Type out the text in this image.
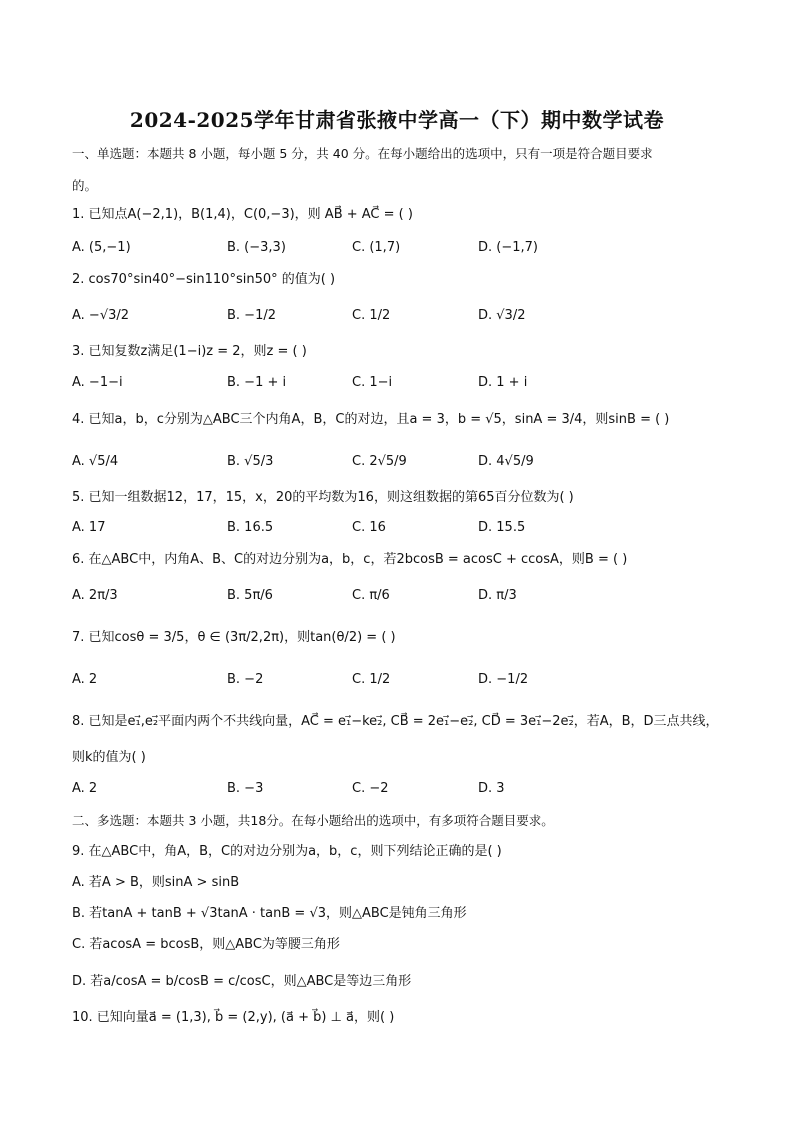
2024-2025学年甘肃省张掖中学高一（下）期中数学试卷
一、单选题：本题共 8 小题，每小题 5 分，共 40 分。在每小题给出的选项中，只有一项是符合题目要求
的。
1. 已知点A(−2,1)，B(1,4)，C(0,−3)，则 AB⃗ + AC⃗ = ( )
A. (5,−1)	B. (−3,3)	C. (1,7)	D. (−1,7)
2. cos70°sin40°−sin110°sin50° 的值为( )
A. −√3/2	B. −1/2	C. 1/2	D. √3/2
3. 已知复数z满足(1−i)z = 2，则z = ( )
A. −1−i	B. −1 + i	C. 1−i	D. 1 + i
4. 已知a，b，c分别为△ABC三个内角A，B，C的对边，且a = 3，b = √5，sinA = 3/4，则sinB = ( )
A. √5/4	B. √5/3	C. 2√5/9	D. 4√5/9
5. 已知一组数据12，17，15，x，20的平均数为16，则这组数据的第65百分位数为( )
A. 17	B. 16.5	C. 16	D. 15.5
6. 在△ABC中，内角A、B、C的对边分别为a，b，c，若2bcosB = acosC + ccosA，则B = ( )
A. 2π/3	B. 5π/6	C. π/6	D. π/3
7. 已知cosθ = 3/5，θ ∈ (3π/2,2π)，则tan(θ/2) = ( )
A. 2	B. −2	C. 1/2	D. −1/2
8. 已知是e₁⃗,e₂⃗平面内两个不共线向量，AC⃗ = e₁⃗−ke₂⃗, CB⃗ = 2e₁⃗−e₂⃗, CD⃗ = 3e₁⃗−2e₂⃗，若A，B，D三点共线，
则k的值为( )
A. 2	B. −3	C. −2	D. 3
二、多选题：本题共 3 小题，共18分。在每小题给出的选项中，有多项符合题目要求。
9. 在△ABC中，角A，B，C的对边分别为a，b，c，则下列结论正确的是( )
A. 若A > B，则sinA > sinB
B. 若tanA + tanB + √3tanA · tanB = √3，则△ABC是钝角三角形
C. 若acosA = bcosB，则△ABC为等腰三角形
D. 若a/cosA = b/cosB = c/cosC，则△ABC是等边三角形
10. 已知向量a⃗ = (1,3), b⃗ = (2,y), (a⃗ + b⃗) ⊥ a⃗，则( )
